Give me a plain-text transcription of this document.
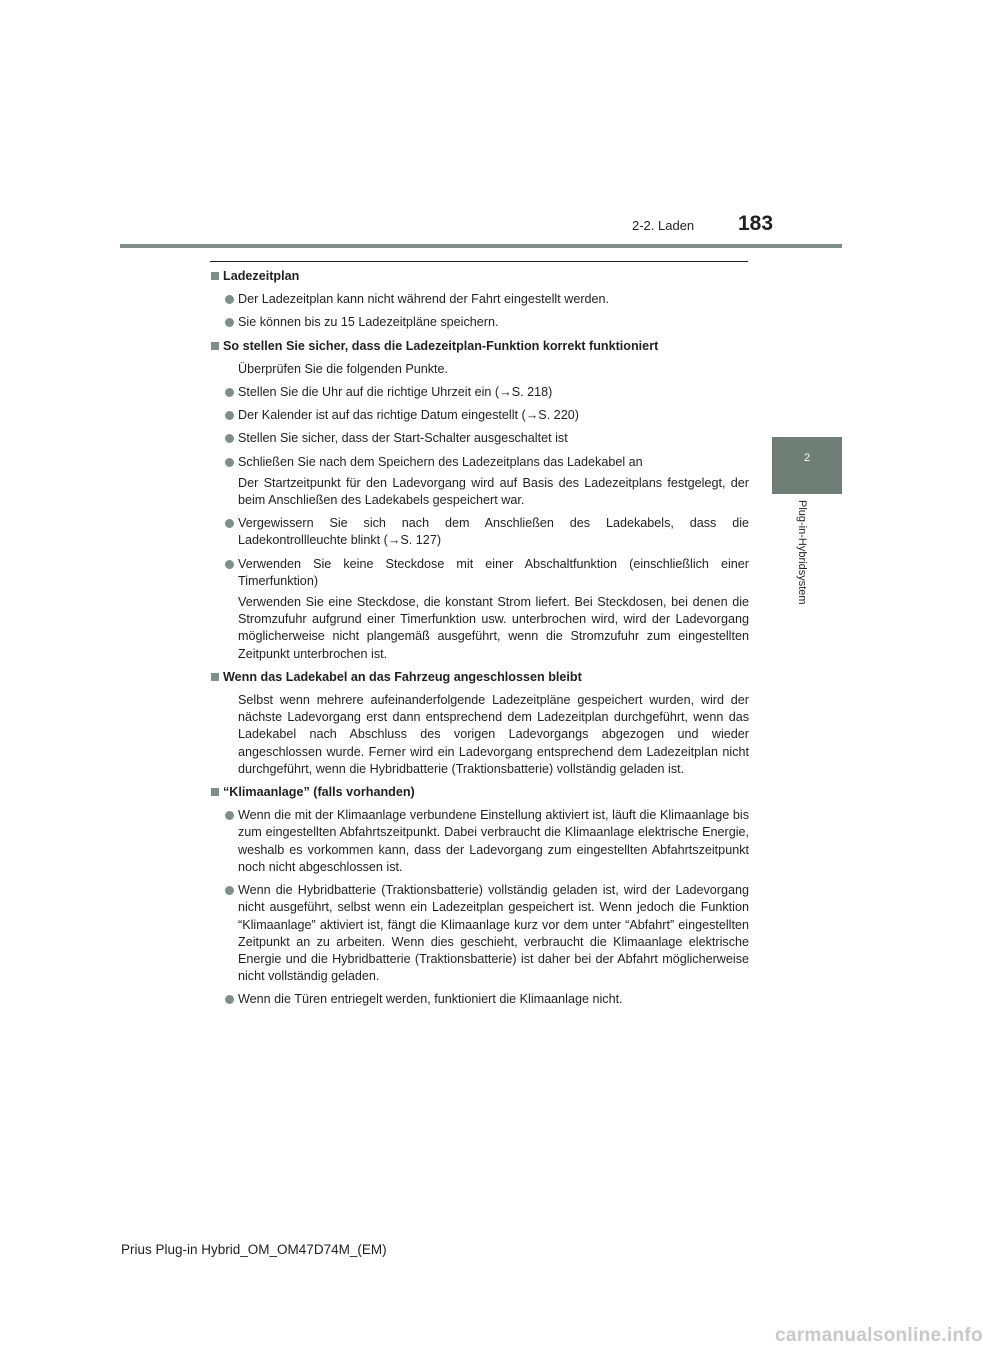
2-2. Laden 183
2
Plug-in-Hybridsystem
Ladezeitplan
Der Ladezeitplan kann nicht während der Fahrt eingestellt werden.
Sie können bis zu 15 Ladezeitpläne speichern.
So stellen Sie sicher, dass die Ladezeitplan-Funktion korrekt funktioniert
Überprüfen Sie die folgenden Punkte.
Stellen Sie die Uhr auf die richtige Uhrzeit ein (→S. 218)
Der Kalender ist auf das richtige Datum eingestellt (→S. 220)
Stellen Sie sicher, dass der Start-Schalter ausgeschaltet ist
Schließen Sie nach dem Speichern des Ladezeitplans das Ladekabel an
Der Startzeitpunkt für den Ladevorgang wird auf Basis des Ladezeitplans festgelegt, der beim Anschließen des Ladekabels gespeichert war.
Vergewissern Sie sich nach dem Anschließen des Ladekabels, dass die Ladekontrollleuchte blinkt (→S. 127)
Verwenden Sie keine Steckdose mit einer Abschaltfunktion (einschließlich einer Timerfunktion)
Verwenden Sie eine Steckdose, die konstant Strom liefert. Bei Steckdosen, bei denen die Stromzufuhr aufgrund einer Timerfunktion usw. unterbrochen wird, wird der Ladevorgang möglicherweise nicht plangemäß ausgeführt, wenn die Stromzufuhr zum eingestellten Zeitpunkt unterbrochen ist.
Wenn das Ladekabel an das Fahrzeug angeschlossen bleibt
Selbst wenn mehrere aufeinanderfolgende Ladezeitpläne gespeichert wurden, wird der nächste Ladevorgang erst dann entsprechend dem Ladezeitplan durchgeführt, wenn das Ladekabel nach Abschluss des vorigen Ladevorgangs abgezogen und wieder angeschlossen wurde. Ferner wird ein Ladevorgang entsprechend dem Ladezeitplan nicht durchgeführt, wenn die Hybridbatterie (Traktionsbatterie) vollständig geladen ist.
“Klimaanlage” (falls vorhanden)
Wenn die mit der Klimaanlage verbundene Einstellung aktiviert ist, läuft die Klimaanlage bis zum eingestellten Abfahrtszeitpunkt. Dabei verbraucht die Klimaanlage elektrische Energie, weshalb es vorkommen kann, dass der Ladevorgang zum eingestellten Abfahrtszeitpunkt noch nicht abgeschlossen ist.
Wenn die Hybridbatterie (Traktionsbatterie) vollständig geladen ist, wird der Ladevorgang nicht ausgeführt, selbst wenn ein Ladezeitplan gespeichert ist. Wenn jedoch die Funktion “Klimaanlage” aktiviert ist, fängt die Klimaanlage kurz vor dem unter “Abfahrt” eingestellten Zeitpunkt an zu arbeiten. Wenn dies geschieht, verbraucht die Klimaanlage elektrische Energie und die Hybridbatterie (Traktionsbatterie) ist daher bei der Abfahrt möglicherweise nicht vollständig geladen.
Wenn die Türen entriegelt werden, funktioniert die Klimaanlage nicht.
Prius Plug-in Hybrid_OM_OM47D74M_(EM)
carmanualsonline.info
